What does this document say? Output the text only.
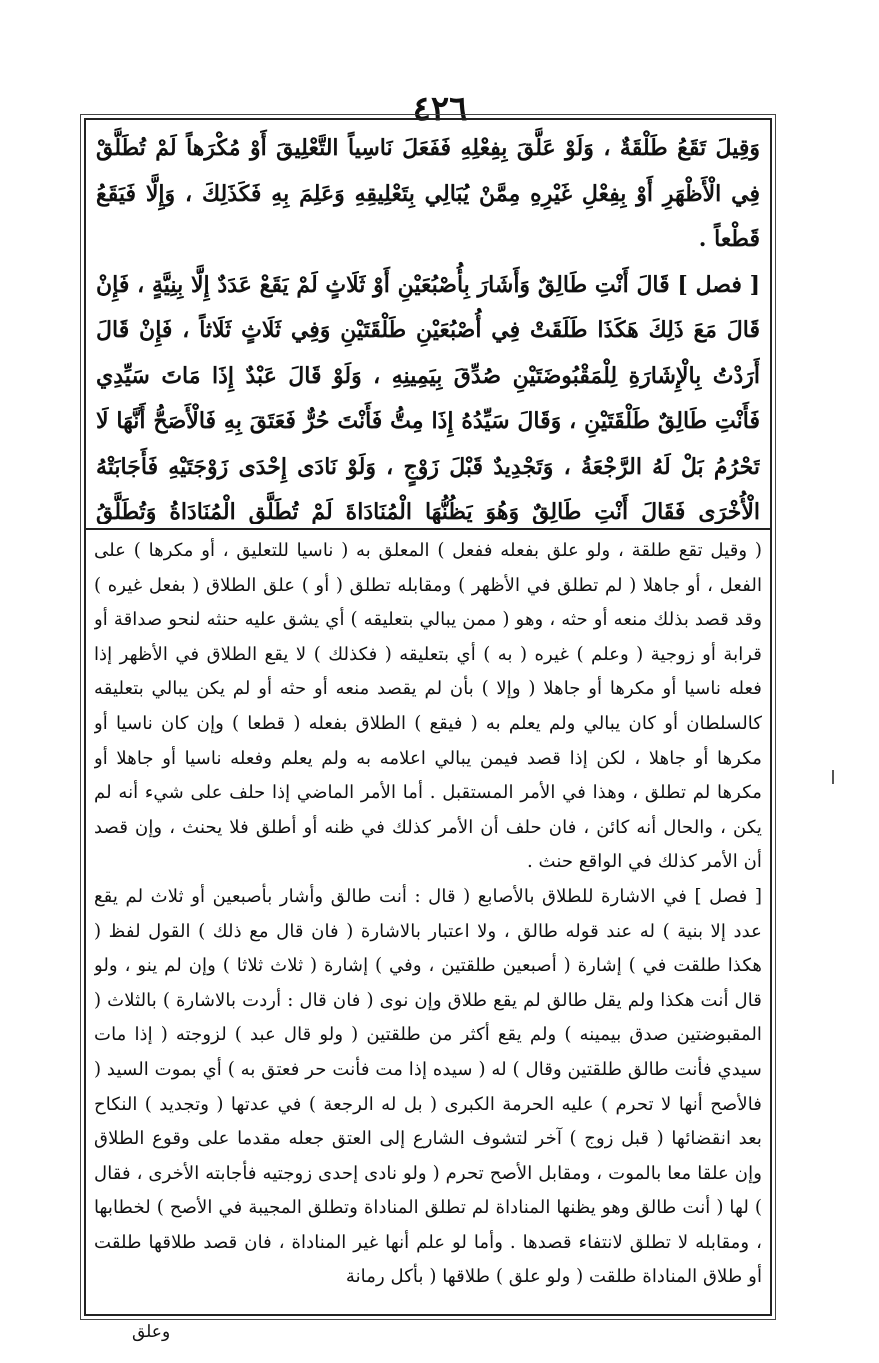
٤٢٦

وَقِيلَ تَقَعُ طَلْقَةٌ ، وَلَوْ عَلَّقَ بِفِعْلِهِ فَفَعَلَ نَاسِياً التَّعْلِيقَ أَوْ مُكْرَهاً لَمْ تُطَلَّقْ فِي الْأَظْهَرِ أَوْ بِفِعْلِ غَيْرِهِ مِمَّنْ يُبَالِي بِتَعْلِيقِهِ وَعَلِمَ بِهِ فَكَذَلِكَ ، وَإِلَّا فَيَقَعُ قَطْعاً .

[ فصل ] قَالَ أَنْتِ طَالِقٌ وَأَشَارَ بِأُصْبُعَيْنِ أَوْ ثَلَاثٍ لَمْ يَقَعْ عَدَدٌ إِلَّا بِنِيَّةٍ ، فَإِنْ قَالَ مَعَ ذَلِكَ هَكَذَا طَلَقَتْ فِي أُصْبُعَيْنِ طَلْقَتَيْنِ وَفِي ثَلَاثٍ ثَلَاثاً ، فَإِنْ قَالَ أَرَدْتُ بِالْإِشَارَةِ لِلْمَقْبُوضَتَيْنِ صُدِّقَ بِيَمِينِهِ ، وَلَوْ قَالَ عَبْدٌ إِذَا مَاتَ سَيِّدِي فَأَنْتِ طَالِقٌ طَلْقَتَيْنِ ، وَقَالَ سَيِّدُهُ إِذَا مِتُّ فَأَنْتَ حُرٌّ فَعَتَقَ بِهِ فَالْأَصَحُّ أَنَّهَا لَا تَحْرُمُ بَلْ لَهُ الرَّجْعَةُ ، وَتَجْدِيدٌ قَبْلَ زَوْجٍ ، وَلَوْ نَادَى إِحْدَى زَوْجَتَيْهِ فَأَجَابَتْهُ الْأُخْرَى فَقَالَ أَنْتِ طَالِقٌ وَهُوَ يَظُنُّهَا الْمُنَادَاةَ لَمْ تُطَلَّقِ الْمُنَادَاةُ وَتُطَلَّقُ

( وقيل تقع طلقة ، ولو علق بفعله ففعل ) المعلق به ( ناسيا للتعليق ، أو مكرها ) على الفعل ، أو جاهلا ( لم تطلق في الأظهر ) ومقابله تطلق ( أو ) علق الطلاق ( بفعل غيره ) وقد قصد بذلك منعه أو حثه ، وهو ( ممن يبالي بتعليقه ) أي يشق عليه حنثه لنحو صداقة أو قرابة أو زوجية ( وعلم ) غيره ( به ) أي بتعليقه ( فكذلك ) لا يقع الطلاق في الأظهر إذا فعله ناسيا أو مكرها أو جاهلا ( وإلا ) بأن لم يقصد منعه أو حثه أو لم يكن يبالي بتعليقه كالسلطان أو كان يبالي ولم يعلم به ( فيقع ) الطلاق بفعله ( قطعا ) وإن كان ناسيا أو مكرها أو جاهلا ، لكن إذا قصد فيمن يبالي اعلامه به ولم يعلم وفعله ناسيا أو جاهلا أو مكرها لم تطلق ، وهذا في الأمر المستقبل . أما الأمر الماضي إذا حلف على شيء أنه لم يكن ، والحال أنه كائن ، فان حلف أن الأمر كذلك في ظنه أو أطلق فلا يحنث ، وإن قصد أن الأمر كذلك في الواقع حنث .

[ فصل ] في الاشارة للطلاق بالأصابع ( قال : أنت طالق وأشار بأصبعين أو ثلاث لم يقع عدد إلا بنية ) له عند قوله طالق ، ولا اعتبار بالاشارة ( فان قال مع ذلك ) القول لفظ ( هكذا طلقت في ) إشارة ( أصبعين طلقتين ، وفي ) إشارة ( ثلاث ثلاثا ) وإن لم ينو ، ولو قال أنت هكذا ولم يقل طالق لم يقع طلاق وإن نوى ( فان قال : أردت بالاشارة ) بالثلاث ( المقبوضتين صدق بيمينه ) ولم يقع أكثر من طلقتين ( ولو قال عبد ) لزوجته ( إذا مات سيدي فأنت طالق طلقتين وقال ) له ( سيده إذا مت فأنت حر فعتق به ) أي بموت السيد ( فالأصح أنها لا تحرم ) عليه الحرمة الكبرى ( بل له الرجعة ) في عدتها ( وتجديد ) النكاح بعد انقضائها ( قبل زوج ) آخر لتشوف الشارع إلى العتق جعله مقدما على وقوع الطلاق وإن علقا معا بالموت ، ومقابل الأصح تحرم ( ولو نادى إحدى زوجتيه فأجابته الأخرى ، فقال ) لها ( أنت طالق وهو يظنها المناداة لم تطلق المناداة وتطلق المجيبة في الأصح ) لخطابها ، ومقابله لا تطلق لانتفاء قصدها . وأما لو علم أنها غير المناداة ، فان قصد طلاقها طلقت أو طلاق المناداة طلقت ( ولو علق ) طلاقها ( بأكل رمانة

وعلق
